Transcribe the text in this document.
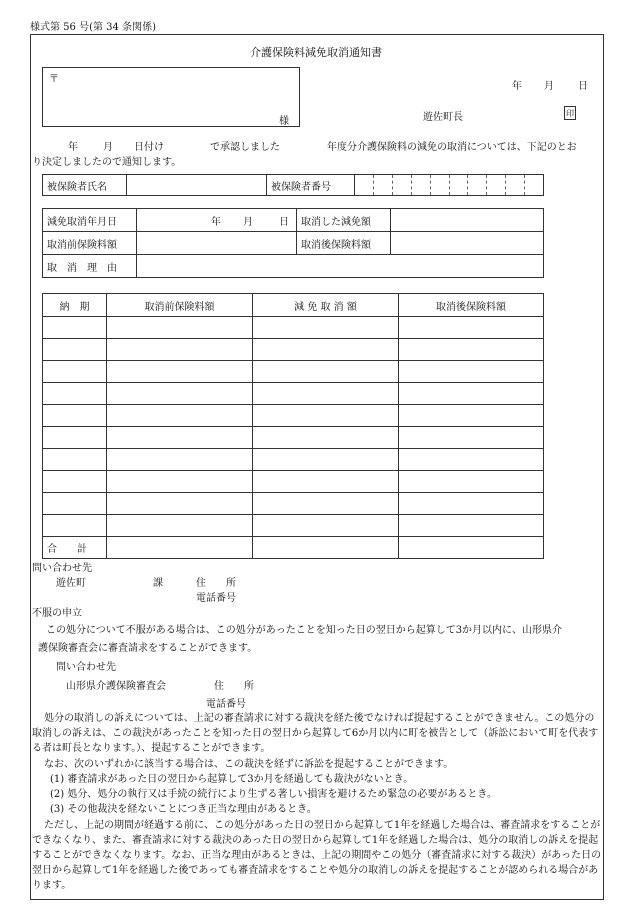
様式第 56 号(第 34 条関係)
介護保険料減免取消通知書
〒
様
年 月 日
遊佐町長	印
年	月 日付け	で承認しました	年度分介護保険料の減免の取消については、下記のとお
り決定しましたので通知します。
被保険者氏名		被保険者番号	
減免取消年月日	年 月 日	取消した減免額	
取消前保険料額		取消後保険料額	
取　消　理　由			
納　期	取消前保険料額	減 免 取 消 額	取消後保険料額

合　　計			
問い合わせ先
遊佐町	課	住　　所
電話番号
不服の申立
この処分について不服がある場合は、この処分があったことを知った日の翌日から起算して3か月以内に、山形県介
護保険審査会に審査請求をすることができます。
問い合わせ先
山形県介護保険審査会	住　　所
電話番号
処分の取消しの訴えについては、上記の審査請求に対する裁決を経た後でなければ提起することができません。この処分の取消しの訴えは、この裁決があったことを知った日の翌日から起算して6か月以内に町を被告として（訴訟において町を代表する者は町長となります。）、提起することができます。
なお、次のいずれかに該当する場合は、この裁決を経ずに訴訟を提起することができます。
(1) 審査請求があった日の翌日から起算して3か月を経過しても裁決がないとき。
(2) 処分、処分の執行又は手続の続行により生ずる著しい損害を避けるため緊急の必要があるとき。
(3) その他裁決を経ないことにつき正当な理由があるとき。
ただし、上記の期間が経過する前に、この処分があった日の翌日から起算して1年を経過した場合は、審査請求をすることができなくなり、また、審査請求に対する裁決のあった日の翌日から起算して1年を経過した場合は、処分の取消しの訴えを提起することができなくなります。なお、正当な理由があるときは、上記の期間やこの処分（審査請求に対する裁決）があった日の翌日から起算して1年を経過した後であっても審査請求をすることや処分の取消しの訴えを提起することが認められる場合があります。
